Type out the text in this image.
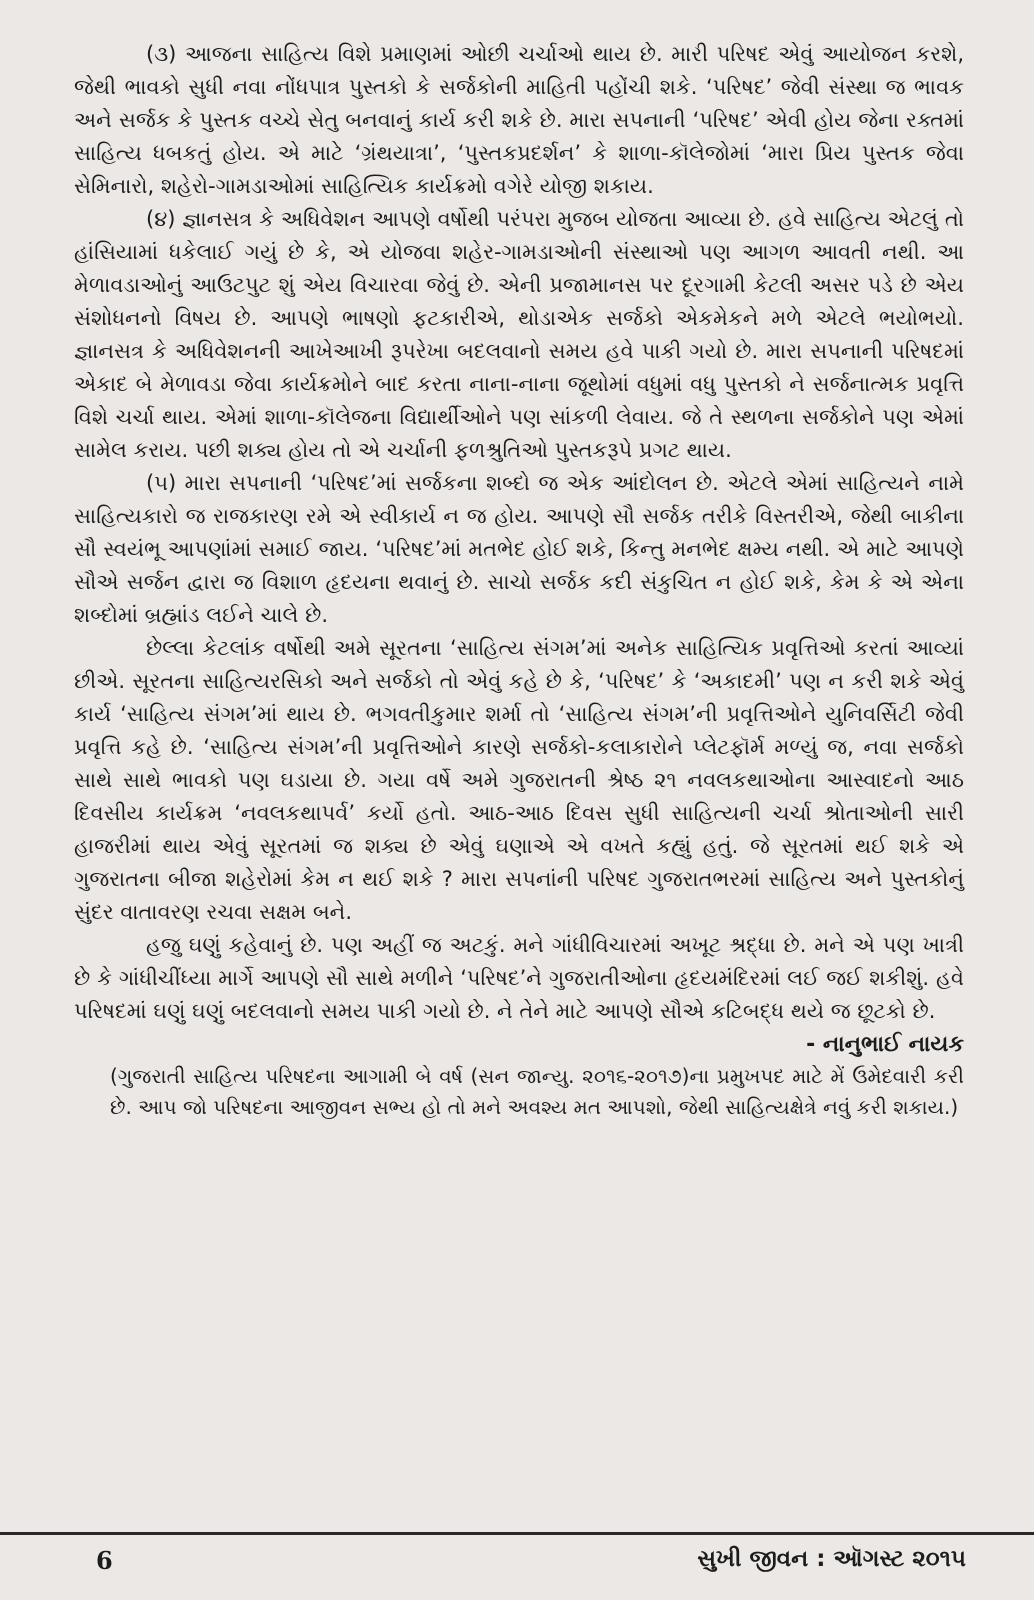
(૩) આજના સાહિત્ય વિશે પ્રમાણમાં ઓછી ચર્ચાઓ થાય છે. મારી પરિષદ એવું આયોજન કરશે, જેથી ભાવકો સુધી નવા નોંધપાત્ર પુસ્તકો કે સર્જકોની માહિતી પહોંચી શકે. ‘પરિષદ’ જેવી સંસ્થા જ ભાવક અને સર્જક કે પુસ્તક વચ્ચે સેતુ બનવાનું કાર્ય કરી શકે છે. મારા સપનાની ‘પરિષદ’ એવી હોય જેના રક્તમાં સાહિત્ય ધબકતું હોય. એ માટે ‘ગ્રંથયાત્રા’, ‘પુસ્તકપ્રદર્શન’ કે શાળા-કૉલેજોમાં ‘મારા પ્રિય પુસ્તક જેવા સેમિનારો, શહેરો-ગામડાઓમાં સાહિત્યિક કાર્યક્રમો વગેરે યોજી શકાય.

(૪) જ્ઞાનસત્ર કે અધિવેશન આપણે વર્ષોથી પરંપરા મુજબ યોજતા આવ્યા છે. હવે સાહિત્ય એટલું તો હાંસિયામાં ધકેલાઈ ગયું છે કે, એ યોજવા શહેર-ગામડાઓની સંસ્થાઓ પણ આગળ આવતી નથી. આ મેળાવડાઓનું આઉટપુટ શું એય વિચારવા જેવું છે. એની પ્રજામાનસ પર દૂરગામી કેટલી અસર પડે છે એય સંશોધનનો વિષય છે. આપણે ભાષણો ફટકારીએ, થોડાએક સર્જકો એકમેકને મળે એટલે ભયોભયો. જ્ઞાનસત્ર કે અધિવેશનની આખેઆખી રૂપરેખા બદલવાનો સમય હવે પાકી ગયો છે. મારા સપનાની પરિષદમાં એકાદ બે મેળાવડા જેવા કાર્યક્રમોને બાદ કરતા નાના-નાના જૂથોમાં વધુમાં વધુ પુસ્તકો ને સર્જનાત્મક પ્રવૃત્તિ વિશે ચર્ચા થાય. એમાં શાળા-કૉલેજના વિદ્યાર્થીઓને પણ સાંકળી લેવાય. જે તે સ્થળના સર્જકોને પણ એમાં સામેલ કરાય. પછી શક્ય હોય તો એ ચર્ચાની ફળશ્રુતિઓ પુસ્તકરૂપે પ્રગટ થાય.

(૫) મારા સપનાની ‘પરિષદ’માં સર્જકના શબ્દો જ એક આંદોલન છે. એટલે એમાં સાહિત્યને નામે સાહિત્યકારો જ રાજકારણ રમે એ સ્વીકાર્ય ન જ હોય. આપણે સૌ સર્જક તરીકે વિસ્તરીએ, જેથી બાકીના સૌ સ્વયંભૂ આપણાંમાં સમાઈ જાય. ‘પરિષદ’માં મતભેદ હોઈ શકે, કિન્તુ મનભેદ ક્ષમ્ય નથી. એ માટે આપણે સૌએ સર્જન દ્વારા જ વિશાળ હૃદયના થવાનું છે. સાચો સર્જક કદી સંકુચિત ન હોઈ શકે, કેમ કે એ એના શબ્દોમાં બ્રહ્માંડ લઈને ચાલે છે.

છેલ્લા કેટલાંક વર્ષોથી અમે સૂરતના ‘સાહિત્ય સંગમ’માં અનેક સાહિત્યિક પ્રવૃત્તિઓ કરતાં આવ્યાં છીએ. સૂરતના સાહિત્યરસિકો અને સર્જકો તો એવું કહે છે કે, ‘પરિષદ’ કે ‘અકાદમી’ પણ ન કરી શકે એવું કાર્ય ‘સાહિત્ય સંગમ’માં થાય છે. ભગવતીકુમાર શર્મા તો ‘સાહિત્ય સંગમ’ની પ્રવૃત્તિઓને યુનિવર્સિટી જેવી પ્રવૃત્તિ કહે છે. ‘સાહિત્ય સંગમ’ની પ્રવૃત્તિઓને કારણે સર્જકો-કલાકારોને પ્લેટફૉર્મ મળ્યું જ, નવા સર્જકો સાથે સાથે ભાવકો પણ ઘડાયા છે. ગયા વર્ષે અમે ગુજરાતની શ્રેષ્ઠ ૨૧ નવલકથાઓના આસ્વાદનો આઠ દિવસીય કાર્યક્રમ ‘નવલકથાપર્વ’ કર્યો હતો. આઠ-આઠ દિવસ સુધી સાહિત્યની ચર્ચા શ્રોતાઓની સારી હાજરીમાં થાય એવું સૂરતમાં જ શક્ય છે એવું ઘણાએ એ વખતે કહ્યું હતું. જે સૂરતમાં થઈ શકે એ ગુજરાતના બીજા શહેરોમાં કેમ ન થઈ શકે ? મારા સપનાંની પરિષદ ગુજરાતભરમાં સાહિત્ય અને પુસ્તકોનું સુંદર વાતાવરણ રચવા સક્ષમ બને.

હજુ ઘણું કહેવાનું છે. પણ અહીં જ અટકું. મને ગાંધીવિચારમાં અખૂટ શ્રદ્ધા છે. મને એ પણ ખાત્રી છે કે ગાંધીચીંધ્યા માર્ગે આપણે સૌ સાથે મળીને ‘પરિષદ’ને ગુજરાતીઓના હૃદયમંદિરમાં લઈ જઈ શકીશું. હવે પરિષદમાં ઘણું ઘણું બદલવાનો સમય પાકી ગયો છે. ને તેને માટે આપણે સૌએ કટિબદ્ધ થયે જ છૂટકો છે.

- નાનુભાઈ નાયક

(ગુજરાતી સાહિત્ય પરિષદના આગામી બે વર્ષ (સન જાન્યુ. ૨૦૧૬-૨૦૧૭)ના પ્રમુખપદ માટે મેં ઉમેદવારી કરી છે. આપ જો પરિષદના આજીવન સભ્ય હો તો મને અવશ્ય મત આપશો, જેથી સાહિત્યક્ષેત્રે નવું કરી શકાય.)

6	સુખી જીવન : ઑગસ્ટ ૨૦૧૫
